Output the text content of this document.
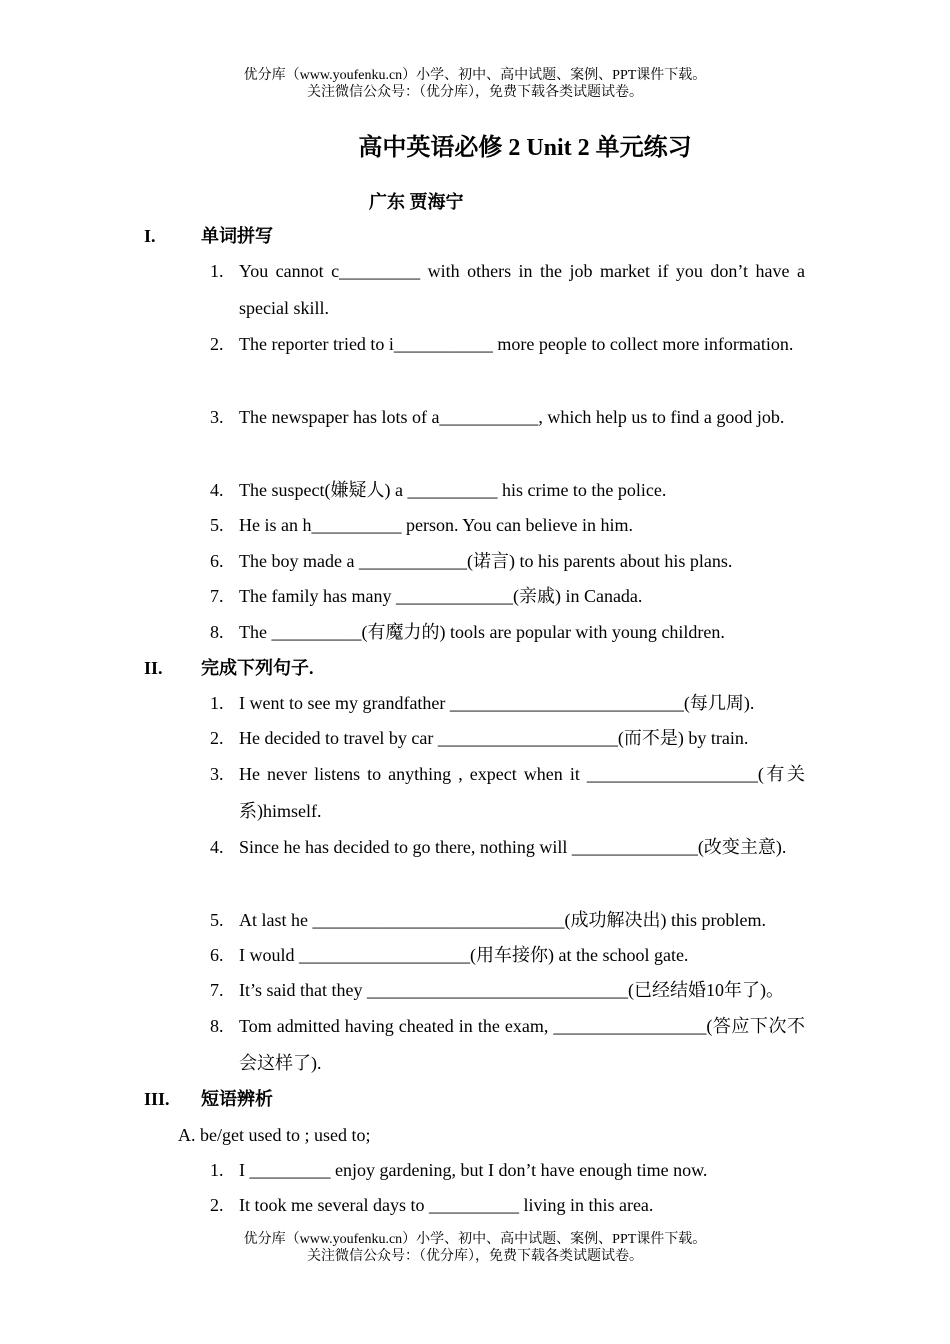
优分库（www.youfenku.cn）小学、初中、高中试题、案例、PPT课件下载。
关注微信公众号：（优分库），免费下载各类试题试卷。
高中英语必修 2 Unit 2 单元练习
广东 贾海宁
I.	单词拼写
1. You cannot c_________ with others in the job market if you don’t have a special skill.
2. The reporter tried to i___________ more people to collect more information.
3. The newspaper has lots of a___________, which help us to find a good job.
4. The suspect(嫌疑人) a __________ his crime to the police.
5. He is an h__________ person. You can believe in him.
6. The boy made a ____________(诺言) to his parents about his plans.
7. The family has many _____________(亲戚) in Canada.
8. The __________(有魔力的) tools are popular with young children.
II.	完成下列句子.
1. I went to see my grandfather __________________________(每几周).
2. He decided to travel by car ____________________(而不是) by train.
3. He never listens to anything , expect when it ___________________(有关系)himself.
4. Since he has decided to go there, nothing will ______________(改变主意).
5. At last he ____________________________(成功解决出) this problem.
6. I would ___________________(用车接你) at the school gate.
7. It’s said that they _____________________________(已经结婚10年了)。
8. Tom admitted having cheated in the exam, _________________(答应下次不会这样了).
III.	短语辨析
A. be/get used to ; used to;
1. I _________ enjoy gardening, but I don’t have enough time now.
2. It took me several days to __________ living in this area.
优分库（www.youfenku.cn）小学、初中、高中试题、案例、PPT课件下载。
关注微信公众号：（优分库），免费下载各类试题试卷。
